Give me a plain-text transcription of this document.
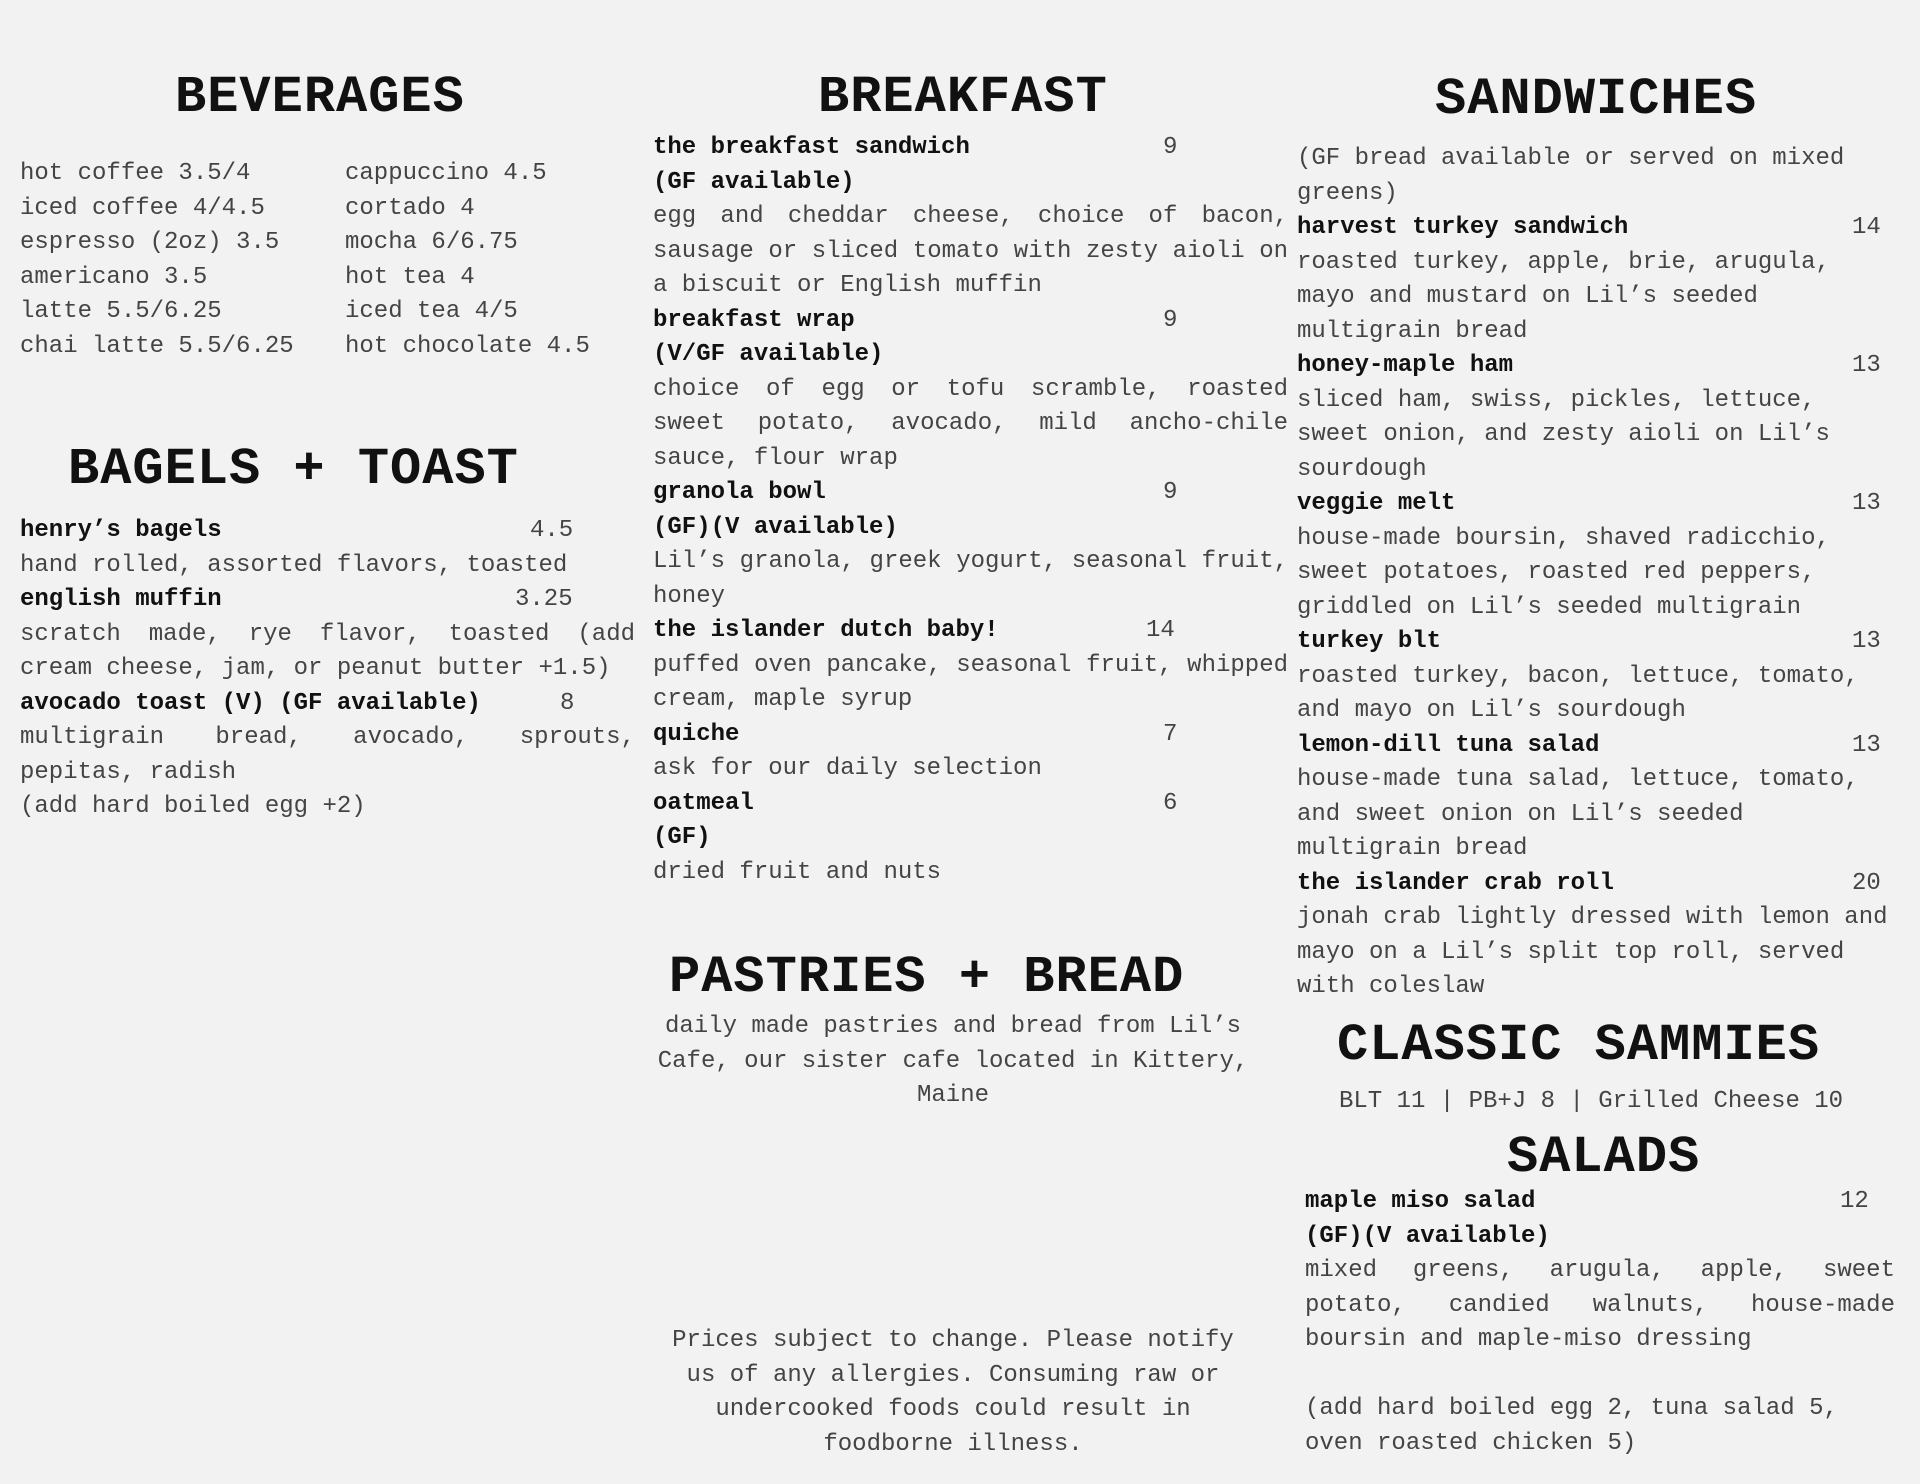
BEVERAGES
hot coffee 3.5/4
iced coffee 4/4.5
espresso (2oz) 3.5
americano 3.5
latte 5.5/6.25
chai latte 5.5/6.25
cappuccino 4.5
cortado 4
mocha 6/6.75
hot tea 4
iced tea 4/5
hot chocolate 4.5
BAGELS + TOAST
henry’s bagels	4.5
hand rolled, assorted flavors, toasted
english muffin	3.25
scratch made, rye flavor, toasted (add cream cheese, jam, or peanut butter +1.5)
avocado toast (V) (GF available)	8
multigrain bread, avocado, sprouts, pepitas, radish
(add hard boiled egg +2)
BREAKFAST
the breakfast sandwich	9
(GF available)
egg and cheddar cheese, choice of bacon, sausage or sliced tomato with zesty aioli on a biscuit or English muffin
breakfast wrap	9
(V/GF available)
choice of egg or tofu scramble, roasted sweet potato, avocado, mild ancho-chile sauce, flour wrap
granola bowl	9
(GF)(V available)
Lil’s granola, greek yogurt, seasonal fruit, honey
the islander dutch baby!	14
puffed oven pancake, seasonal fruit, whipped cream, maple syrup
quiche	7
ask for our daily selection
oatmeal	6
(GF)
dried fruit and nuts
PASTRIES + BREAD
daily made pastries and bread from Lil’s Cafe, our sister cafe located in Kittery, Maine
Prices subject to change. Please notify us of any allergies. Consuming raw or undercooked foods could result in foodborne illness.
SANDWICHES
(GF bread available or served on mixed greens)
harvest turkey sandwich	14
roasted turkey, apple, brie, arugula, mayo and mustard on Lil’s seeded multigrain bread
honey-maple ham	13
sliced ham, swiss, pickles, lettuce, sweet onion, and zesty aioli on Lil’s sourdough
veggie melt	13
house-made boursin, shaved radicchio, sweet potatoes, roasted red peppers, griddled on Lil’s seeded multigrain
turkey blt	13
roasted turkey, bacon, lettuce, tomato, and mayo on Lil’s sourdough
lemon-dill tuna salad	13
house-made tuna salad, lettuce, tomato, and sweet onion on Lil’s seeded multigrain bread
the islander crab roll	20
jonah crab lightly dressed with lemon and mayo on a Lil’s split top roll, served with coleslaw
CLASSIC SAMMIES
BLT 11 | PB+J 8 | Grilled Cheese 10
SALADS
maple miso salad	12
(GF)(V available)
mixed greens, arugula, apple, sweet potato, candied walnuts, house-made boursin and maple-miso dressing
(add hard boiled egg 2, tuna salad 5, oven roasted chicken 5)
